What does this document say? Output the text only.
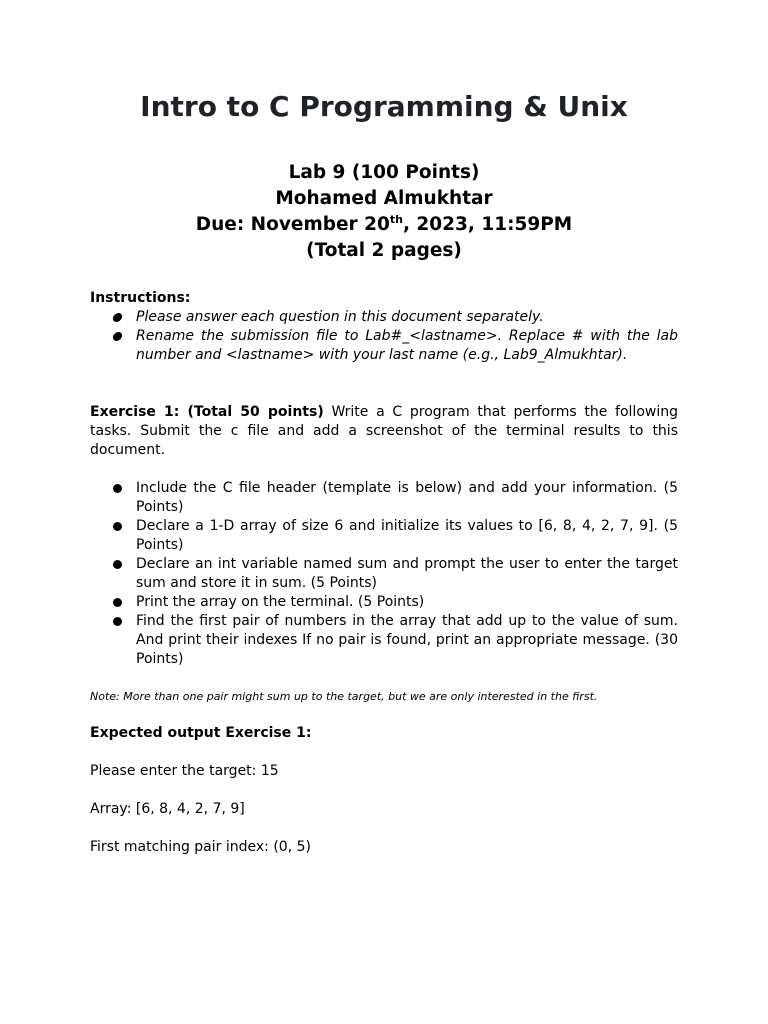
Intro to C Programming & Unix
Lab 9 (100 Points)
Mohamed Almukhtar
Due: November 20th, 2023, 11:59PM
(Total 2 pages)
Instructions:
Please answer each question in this document separately.
Rename the submission file to Lab#_<lastname>. Replace # with the lab number and <lastname> with your last name (e.g., Lab9_Almukhtar).
Exercise 1: (Total 50 points) Write a C program that performs the following tasks. Submit the c file and add a screenshot of the terminal results to this document.
Include the C file header (template is below) and add your information. (5 Points)
Declare a 1-D array of size 6 and initialize its values to [6, 8, 4, 2, 7, 9]. (5 Points)
Declare an int variable named sum and prompt the user to enter the target sum and store it in sum. (5 Points)
Print the array on the terminal. (5 Points)
Find the first pair of numbers in the array that add up to the value of sum. And print their indexes If no pair is found, print an appropriate message. (30 Points)
Note: More than one pair might sum up to the target, but we are only interested in the first.
Expected output Exercise 1:
Please enter the target: 15
Array: [6, 8, 4, 2, 7, 9]
First matching pair index: (0, 5)
